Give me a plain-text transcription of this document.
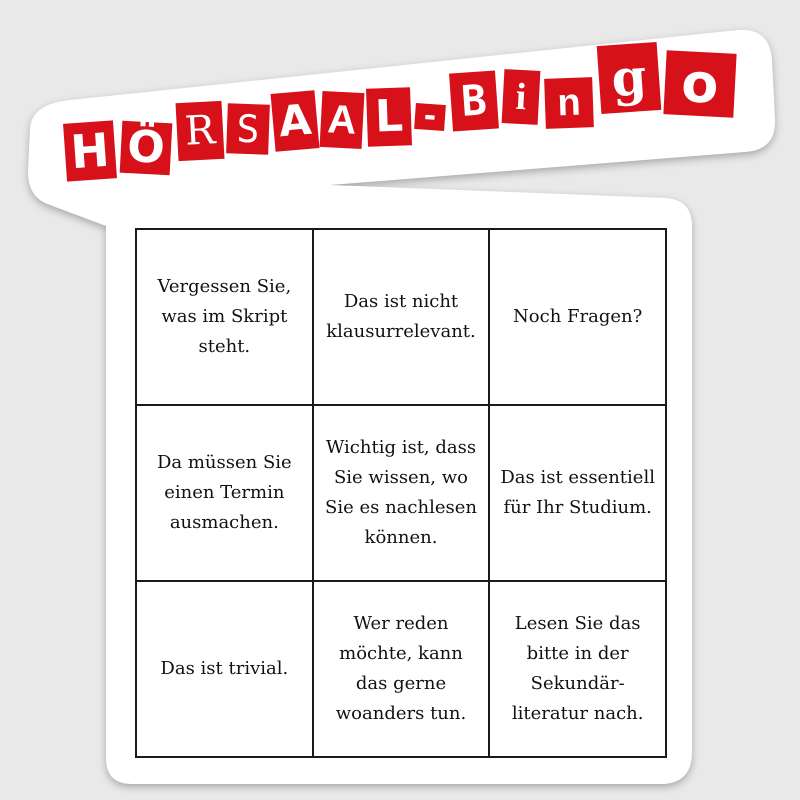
H Ö R S A A L - B i n g o
Vergessen Sie,
was im Skript
steht.
Das ist nicht
klausurrelevant.
Noch Fragen?
Da müssen Sie
einen Termin
ausmachen.
Wichtig ist, dass
Sie wissen, wo
Sie es nachlesen
können.
Das ist essentiell
für Ihr Studium.
Das ist trivial.
Wer reden
möchte, kann
das gerne
woanders tun.
Lesen Sie das
bitte in der
Sekundär-
literatur nach.
